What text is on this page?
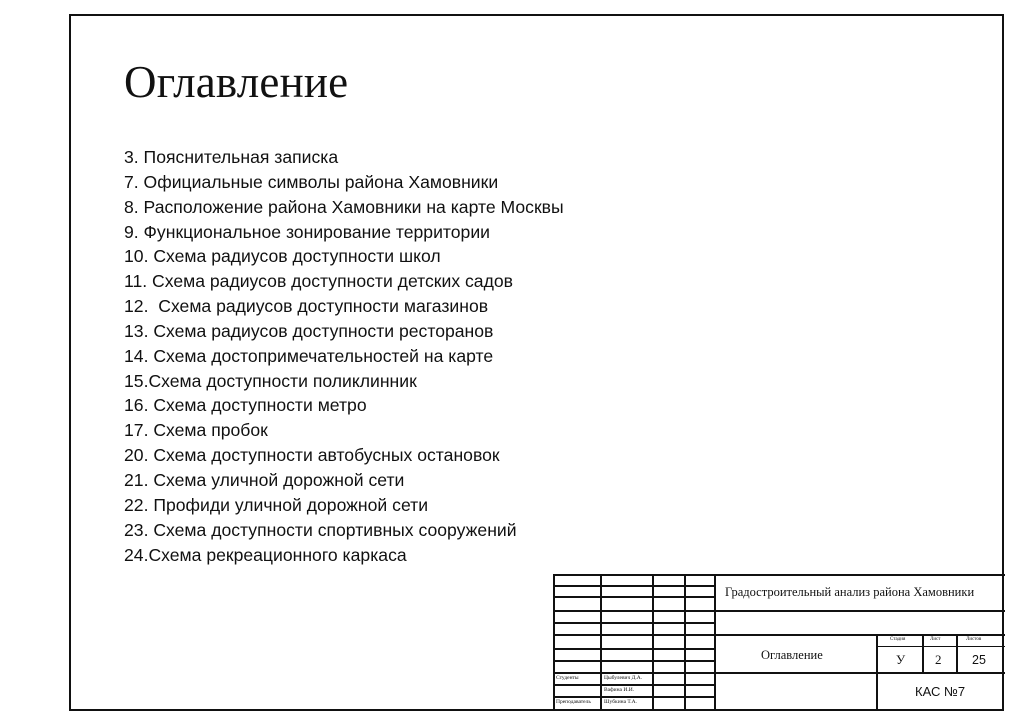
Оглавление
3. Пояснительная записка
7. Официальные символы района Хамовники
8. Расположение района Хамовники на карте Москвы
9. Функциональное зонирование территории
10. Схема радиусов доступности школ
11. Схема радиусов доступности детских садов
12.  Схема радиусов доступности магазинов
13. Схема радиусов доступности ресторанов
14. Схема достопримечательностей на карте
15.Схема доступности поликлинник
16. Схема доступности метро
17. Схема пробок
20. Схема доступности автобусных остановок
21. Схема уличной дорожной сети
22. Профиди уличной дорожной сети
23. Схема доступности спортивных сооружений
24.Схема рекреационного каркаса
Градостроительный анализ района Хамовники
Оглавление
Стадия	Лист	Листов
У 2 25
КАС №7
Студенты	Цыбулевич Д.А.
Вафина И.И.
Преподаватель Шубкина Т.А.
